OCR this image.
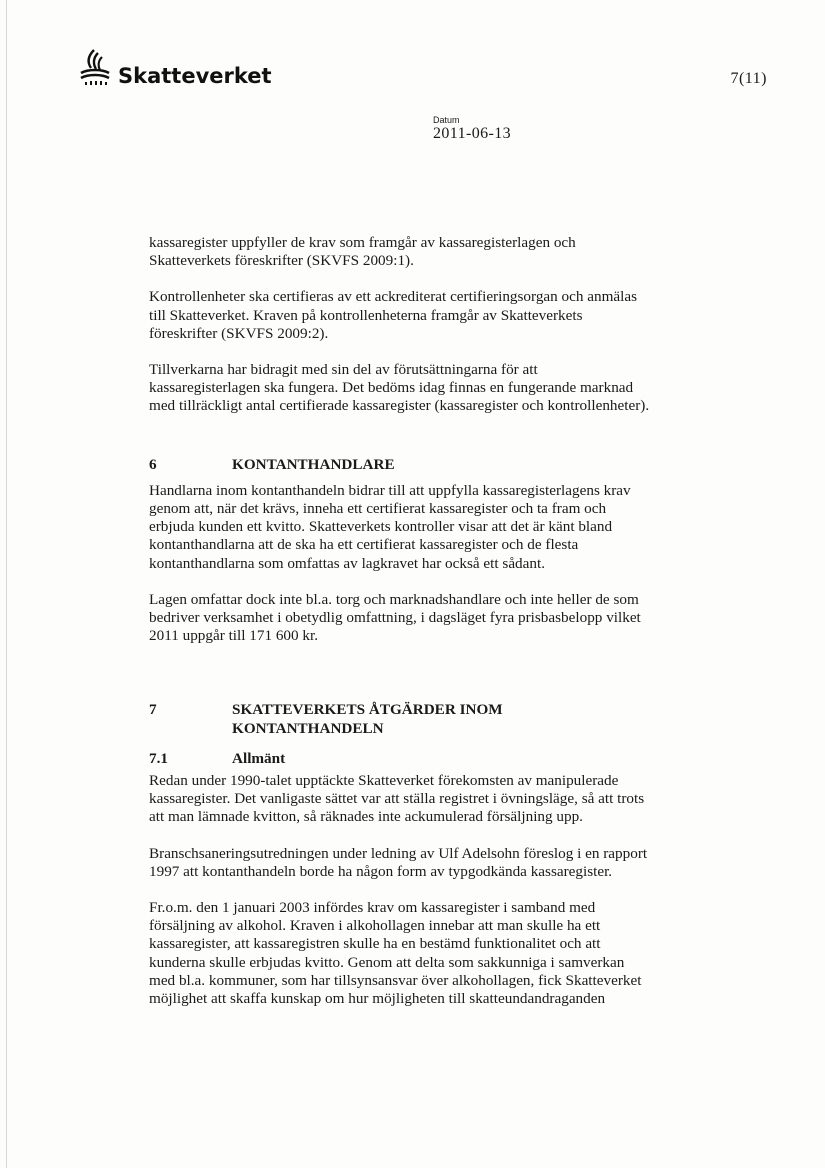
Skatteverket	7(11)
Datum
2011-06-13

kassaregister uppfyller de krav som framgår av kassaregisterlagen och
Skatteverkets föreskrifter (SKVFS 2009:1).

Kontrollenheter ska certifieras av ett ackrediterat certifieringsorgan och anmälas
till Skatteverket. Kraven på kontrollenheterna framgår av Skatteverkets
föreskrifter (SKVFS 2009:2).

Tillverkarna har bidragit med sin del av förutsättningarna för att
kassaregisterlagen ska fungera. Det bedöms idag finnas en fungerande marknad
med tillräckligt antal certifierade kassaregister (kassaregister och kontrollenheter).

6	KONTANTHANDLARE

Handlarna inom kontanthandeln bidrar till att uppfylla kassaregisterlagens krav
genom att, när det krävs, inneha ett certifierat kassaregister och ta fram och
erbjuda kunden ett kvitto. Skatteverkets kontroller visar att det är känt bland
kontanthandlarna att de ska ha ett certifierat kassaregister och de flesta
kontanthandlarna som omfattas av lagkravet har också ett sådant.

Lagen omfattar dock inte bl.a. torg och marknadshandlare och inte heller de som
bedriver verksamhet i obetydlig omfattning, i dagsläget fyra prisbasbelopp vilket
2011 uppgår till 171 600 kr.

7	SKATTEVERKETS ÅTGÄRDER INOM
KONTANTHANDELN
7.1	Allmänt

Redan under 1990-talet upptäckte Skatteverket förekomsten av manipulerade
kassaregister. Det vanligaste sättet var att ställa registret i övningsläge, så att trots
att man lämnade kvitton, så räknades inte ackumulerad försäljning upp.

Branschsaneringsutredningen under ledning av Ulf Adelsohn föreslog i en rapport
1997 att kontanthandeln borde ha någon form av typgodkända kassaregister.

Fr.o.m. den 1 januari 2003 infördes krav om kassaregister i samband med
försäljning av alkohol. Kraven i alkohollagen innebar att man skulle ha ett
kassaregister, att kassaregistren skulle ha en bestämd funktionalitet och att
kunderna skulle erbjudas kvitto. Genom att delta som sakkunniga i samverkan
med bl.a. kommuner, som har tillsynsansvar över alkohollagen, fick Skatteverket
möjlighet att skaffa kunskap om hur möjligheten till skatteundandraganden
